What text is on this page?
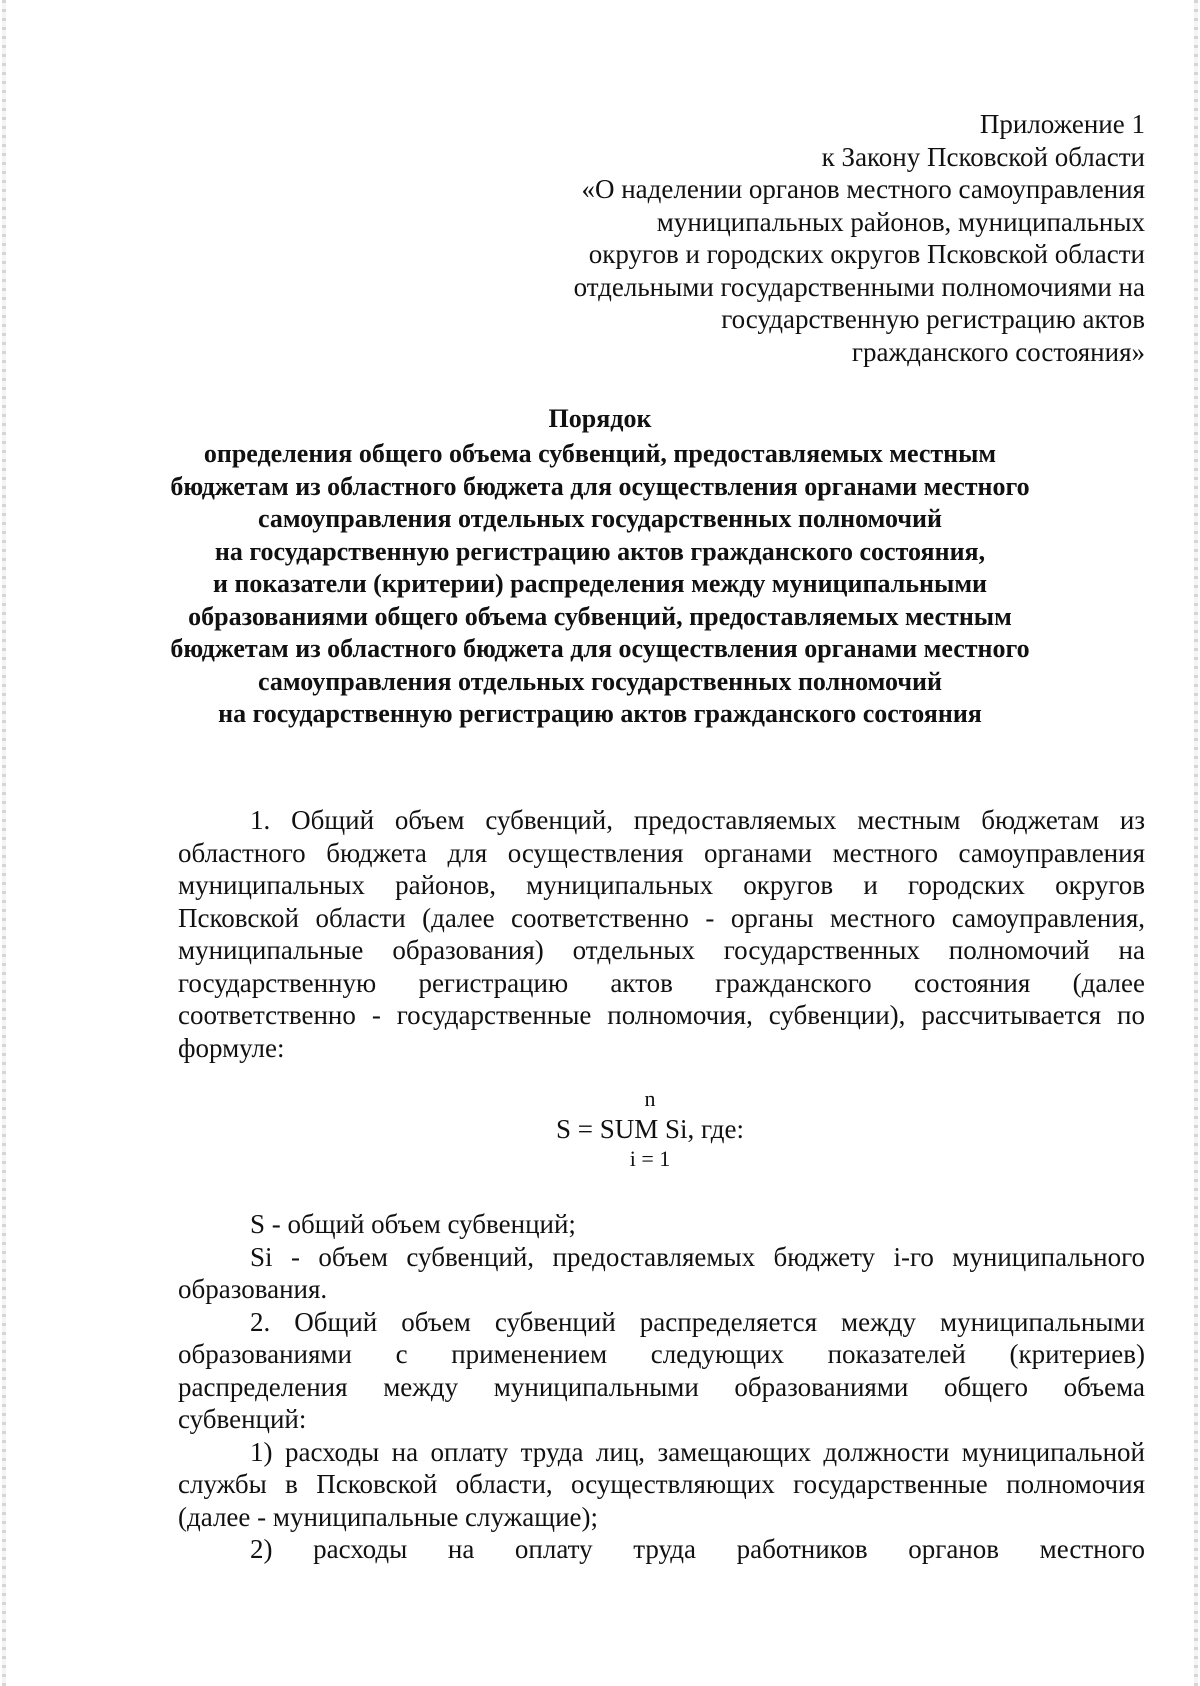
Приложение 1
к Закону Псковской области
«О наделении органов местного самоуправления
муниципальных районов, муниципальных
округов и городских округов Псковской области
отдельными государственными полномочиями на
государственную регистрацию актов
гражданского состояния»
Порядок
определения общего объема субвенций, предоставляемых местным
бюджетам из областного бюджета для осуществления органами местного
самоуправления отдельных государственных полномочий
на государственную регистрацию актов гражданского состояния,
и показатели (критерии) распределения между муниципальными
образованиями общего объема субвенций, предоставляемых местным
бюджетам из областного бюджета для осуществления органами местного
самоуправления отдельных государственных полномочий
на государственную регистрацию актов гражданского состояния
1. Общий объем субвенций, предоставляемых местным бюджетам из
областного бюджета для осуществления органами местного самоуправления
муниципальных районов, муниципальных округов и городских округов
Псковской области (далее соответственно - органы местного самоуправления,
муниципальные образования) отдельных государственных полномочий на
государственную регистрацию актов гражданского состояния (далее
соответственно - государственные полномочия, субвенции), рассчитывается по
формуле:
n
S = SUM Si, где:
i = 1
S - общий объем субвенций;
Si - объем субвенций, предоставляемых бюджету i-го муниципального
образования.
2. Общий объем субвенций распределяется между муниципальными
образованиями с применением следующих показателей (критериев)
распределения между муниципальными образованиями общего объема
субвенций:
1) расходы на оплату труда лиц, замещающих должности муниципальной
службы в Псковской области, осуществляющих государственные полномочия
(далее - муниципальные служащие);
2) расходы на оплату труда работников органов местного
